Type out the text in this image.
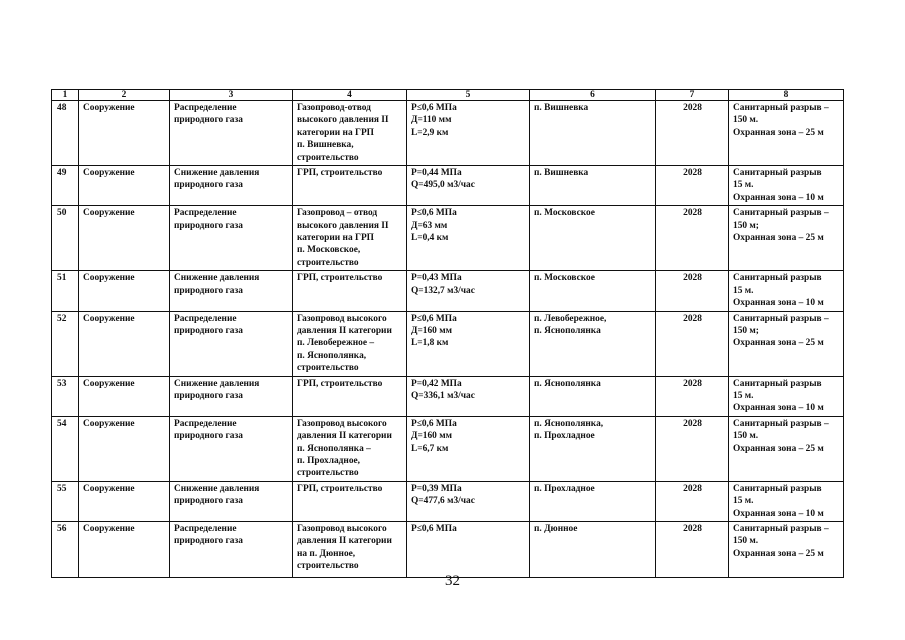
1	2	3	4	5	6	7	8
48	Сооружение	Распределение
природного газа	Газопровод-отвод
высокого давления II
категории на ГРП
п. Вишневка,
строительство	P≤0,6 МПа
Д=110 мм
L=2,9 км	п. Вишневка	2028	Санитарный разрыв –
150 м.
Охранная зона – 25 м

49	Сооружение	Снижение давления
природного газа	ГРП, строительство	P=0,44 МПа
Q=495,0 м3/час	п. Вишневка	2028	Санитарный разрыв
15 м.
Охранная зона – 10 м

50	Сооружение	Распределение
природного газа	Газопровод – отвод
высокого давления II
категории на ГРП
п. Московское,
строительство	P≤0,6 МПа
Д=63 мм
L=0,4 км	п. Московское	2028	Санитарный разрыв –
150 м;
Охранная зона – 25 м

51	Сооружение	Снижение давления
природного газа	ГРП, строительство	P=0,43 МПа
Q=132,7 м3/час	п. Московское	2028	Санитарный разрыв
15 м.
Охранная зона – 10 м

52	Сооружение	Распределение
природного газа	Газопровод высокого
давления II категории
п. Левобережное –
п. Яснополянка,
строительство	P≤0,6 МПа
Д=160 мм
L=1,8 км	п. Левобережное,
п. Яснополянка	2028	Санитарный разрыв –
150 м;
Охранная зона – 25 м

53	Сооружение	Снижение давления
природного газа	ГРП, строительство	P=0,42 МПа
Q=336,1 м3/час	п. Яснополянка	2028	Санитарный разрыв
15 м.
Охранная зона – 10 м

54	Сооружение	Распределение
природного газа	Газопровод высокого
давления II категории
п. Яснополянка –
п. Прохладное,
строительство	P≤0,6 МПа
Д=160 мм
L=6,7 км	п. Яснополянка,
п. Прохладное	2028	Санитарный разрыв –
150 м.
Охранная зона – 25 м

55	Сооружение	Снижение давления
природного газа	ГРП, строительство	P=0,39 МПа
Q=477,6 м3/час	п. Прохладное	2028	Санитарный разрыв
15 м.
Охранная зона – 10 м

56	Сооружение	Распределение
природного газа	Газопровод высокого
давления II категории
на п. Дюнное,
строительство	P≤0,6 МПа	п. Дюнное	2028	Санитарный разрыв –
150 м.
Охранная зона – 25 м
32
